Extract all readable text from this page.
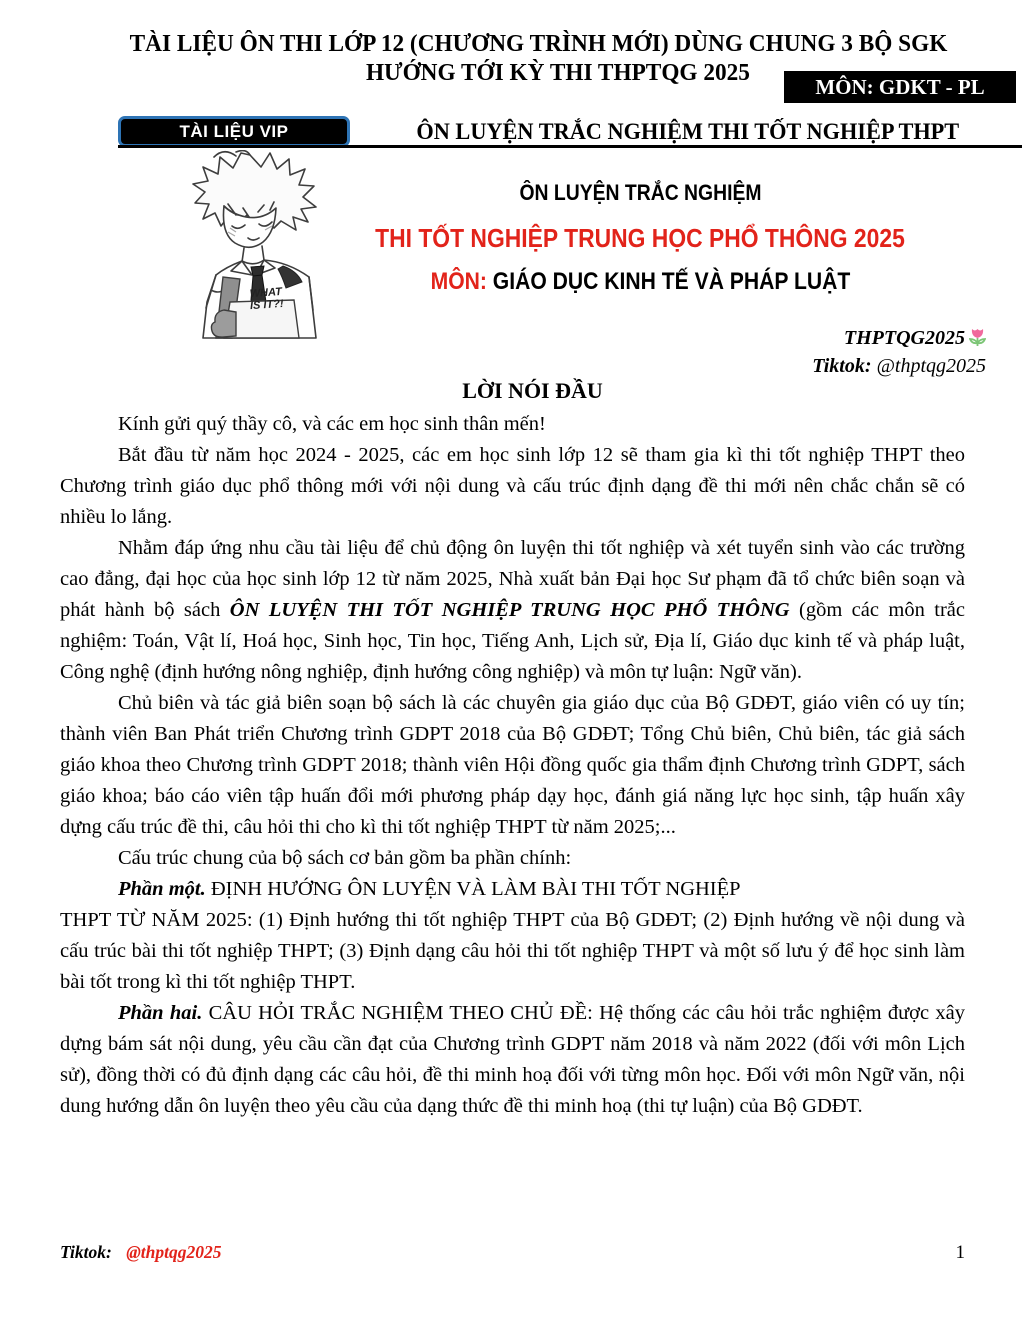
TÀI LIỆU ÔN THI LỚP 12 (CHƯƠNG TRÌNH MỚI) DÙNG CHUNG 3 BỘ SGK
HƯỚNG TỚI KỲ THI THPTQG 2025
MÔN: GDKT - PL
TÀI LIỆU VIP	ÔN LUYỆN TRẮC NGHIỆM THI TỐT NGHIỆP THPT
WHAT
IS IT?!
ÔN LUYỆN TRẮC NGHIỆM
THI TỐT NGHIỆP TRUNG HỌC PHỔ THÔNG 2025
MÔN: GIÁO DỤC KINH TẾ VÀ PHÁP LUẬT
THPTQG2025
Tiktok: @thptqg2025
LỜI NÓI ĐẦU

Kính gửi quý thầy cô, và các em học sinh thân mến!

Bắt đầu từ năm học 2024 - 2025, các em học sinh lớp 12 sẽ tham gia kì thi tốt nghiệp THPT theo Chương trình giáo dục phổ thông mới với nội dung và cấu trúc định dạng đề thi mới nên chắc chắn sẽ có nhiều lo lắng.

Nhằm đáp ứng nhu cầu tài liệu để chủ động ôn luyện thi tốt nghiệp và xét tuyển sinh vào các trường cao đẳng, đại học của học sinh lớp 12 từ năm 2025, Nhà xuất bản Đại học Sư phạm đã tổ chức biên soạn và phát hành bộ sách ÔN LUYỆN THI TỐT NGHIỆP TRUNG HỌC PHỔ THÔNG (gồm các môn trắc nghiệm: Toán, Vật lí, Hoá học, Sinh học, Tin học, Tiếng Anh, Lịch sử, Địa lí, Giáo dục kinh tế và pháp luật, Công nghệ (định hướng nông nghiệp, định hướng công nghiệp) và môn tự luận: Ngữ văn).

Chủ biên và tác giả biên soạn bộ sách là các chuyên gia giáo dục của Bộ GDĐT, giáo viên có uy tín; thành viên Ban Phát triển Chương trình GDPT 2018 của Bộ GDĐT; Tổng Chủ biên, Chủ biên, tác giả sách giáo khoa theo Chương trình GDPT 2018; thành viên Hội đồng quốc gia thẩm định Chương trình GDPT, sách giáo khoa; báo cáo viên tập huấn đổi mới phương pháp dạy học, đánh giá năng lực học sinh, tập huấn xây dựng cấu trúc đề thi, câu hỏi thi cho kì thi tốt nghiệp THPT từ năm 2025;...

Cấu trúc chung của bộ sách cơ bản gồm ba phần chính:

Phần một. ĐỊNH HƯỚNG ÔN LUYỆN VÀ LÀM BÀI THI TỐT NGHIỆP
THPT TỪ NĂM 2025: (1) Định hướng thi tốt nghiệp THPT của Bộ GDĐT; (2) Định hướng về nội dung và cấu trúc bài thi tốt nghiệp THPT; (3) Định dạng câu hỏi thi tốt nghiệp THPT và một số lưu ý để học sinh làm bài tốt trong kì thi tốt nghiệp THPT.

Phần hai. CÂU HỎI TRẮC NGHIỆM THEO CHỦ ĐỀ: Hệ thống các câu hỏi trắc nghiệm được xây dựng bám sát nội dung, yêu cầu cần đạt của Chương trình GDPT năm 2018 và năm 2022 (đối với môn Lịch sử), đồng thời có đủ định dạng các câu hỏi, đề thi minh hoạ đối với từng môn học. Đối với môn Ngữ văn, nội dung hướng dẫn ôn luyện theo yêu cầu của dạng thức đề thi minh hoạ (thi tự luận) của Bộ GDĐT.

Tiktok: @thptqg2025	1
